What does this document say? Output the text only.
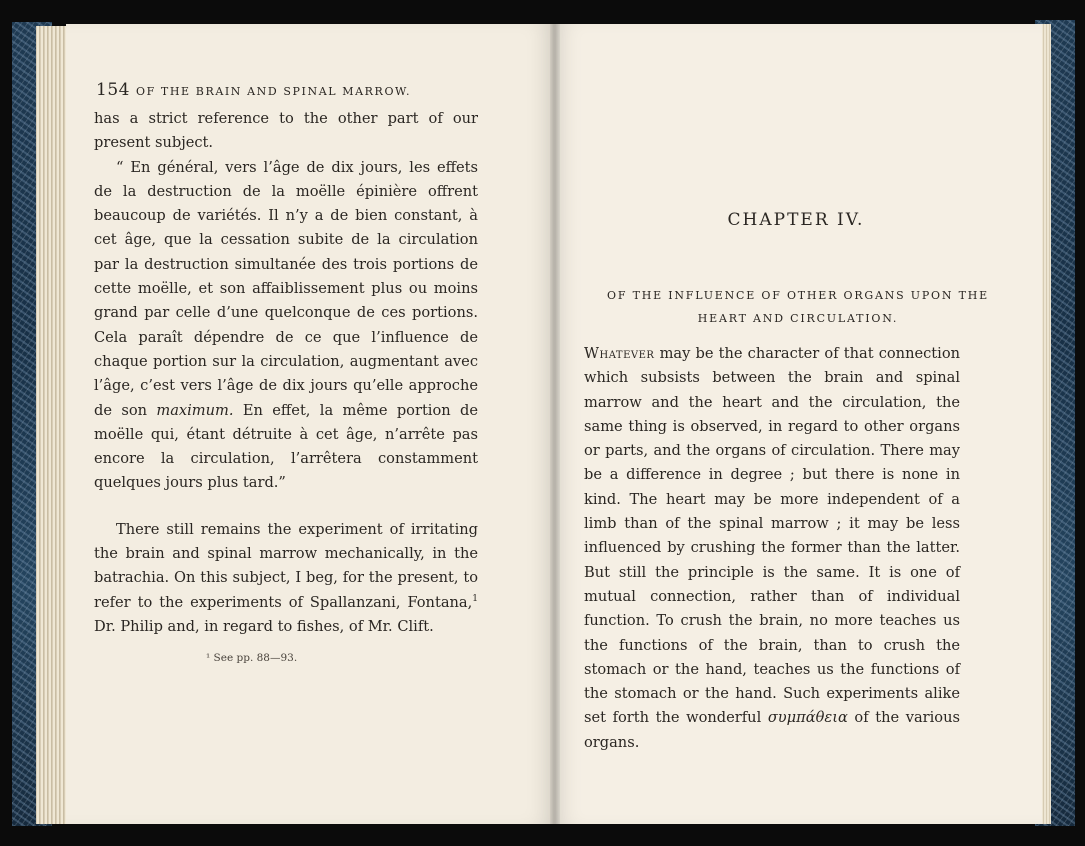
154 OF THE BRAIN AND SPINAL MARROW.

has a strict reference to the other part of our present subject.

“ En général, vers l’âge de dix jours, les effets de la destruction de la moëlle épinière offrent beaucoup de variétés. Il n’y a de bien constant, à cet âge, que la cessation subite de la circulation par la destruction simultanée des trois portions de cette moëlle, et son affaiblissement plus ou moins grand par celle d’une quelconque de ces portions. Cela paraît dépendre de ce que l’influence de chaque portion sur la circulation, augmentant avec l’âge, c’est vers l’âge de dix jours qu’elle approche de son maximum. En effet, la même portion de moëlle qui, étant détruite à cet âge, n’arrête pas encore la circulation, l’arrêtera constamment quelques jours plus tard.”

There still remains the experiment of irritating the brain and spinal marrow mechanically, in the batrachia. On this subject, I beg, for the present, to refer to the experiments of Spallanzani, Fontana,$^1$ Dr. Philip and, in regard to fishes, of Mr. Clift.

¹ See pp. 88—93.
CHAPTER IV.
OF THE INFLUENCE OF OTHER ORGANS UPON THE HEART AND CIRCULATION.

Whatever may be the character of that connection which subsists between the brain and spinal marrow and the heart and the circulation, the same thing is observed, in regard to other organs or parts, and the organs of circulation. There may be a difference in degree ; but there is none in kind. The heart may be more independent of a limb than of the spinal marrow ; it may be less influenced by crushing the former than the latter. But still the principle is the same. It is one of mutual connection, rather than of individual function. To crush the brain, no more teaches us the functions of the brain, than to crush the stomach or the hand, teaches us the functions of the stomach or the hand. Such experiments alike set forth the wonderful συμπάθεια of the various organs.
